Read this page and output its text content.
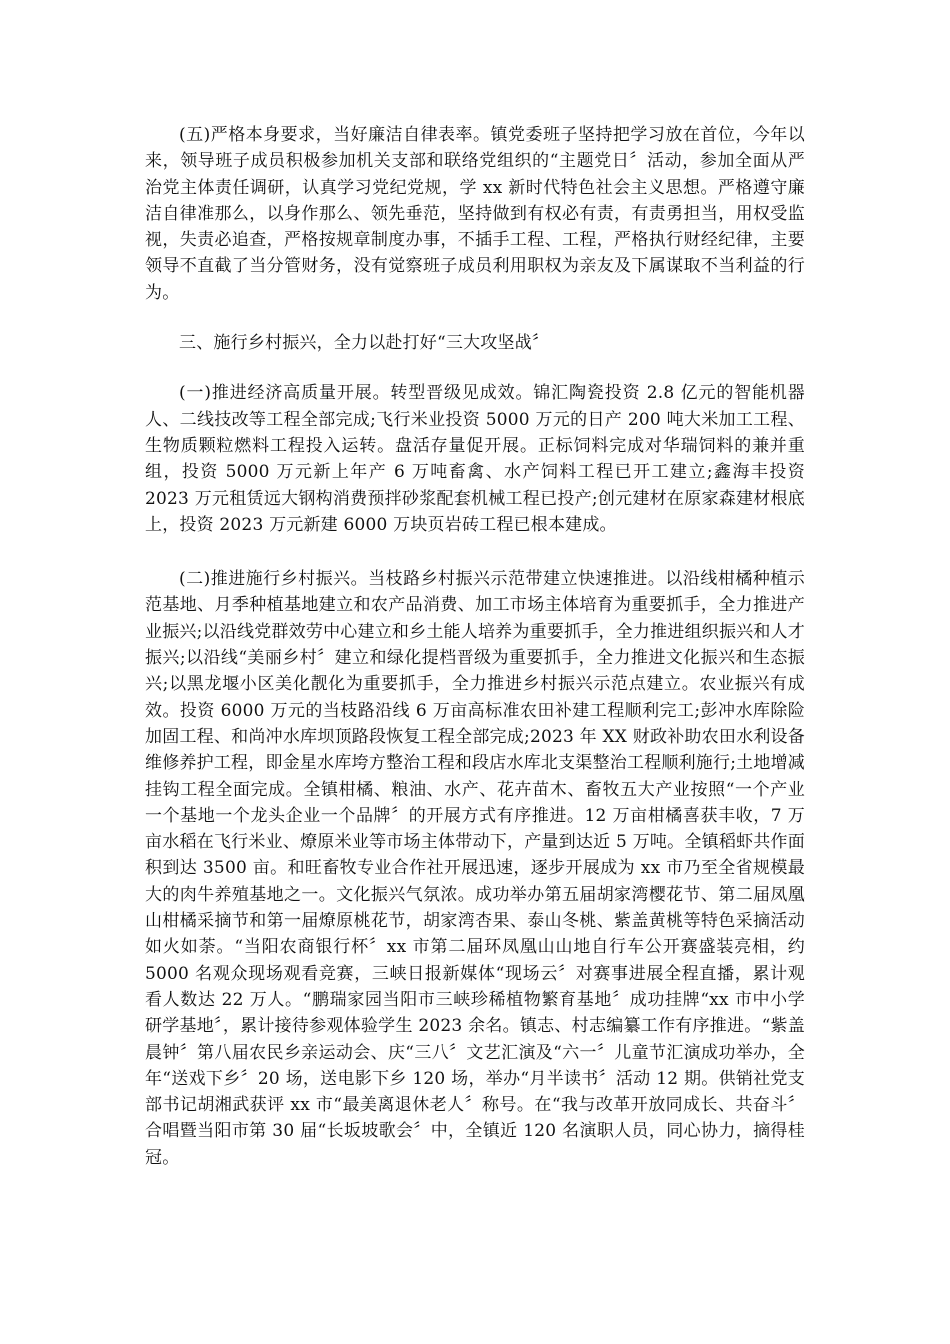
(五)严格本身要求，当好廉洁自律表率。镇党委班子坚持把学习放在首位，今年以来，领导班子成员积极参加机关支部和联络党组织的“主题党日〞活动，参加全面从严治党主体责任调研，认真学习党纪党规，学 xx 新时代特色社会主义思想。严格遵守廉洁自律准那么，以身作那么、领先垂范，坚持做到有权必有责，有责勇担当，用权受监视，失责必追查，严格按规章制度办事，不插手工程、工程，严格执行财经纪律，主要领导不直截了当分管财务，没有觉察班子成员利用职权为亲友及下属谋取不当利益的行为。

三、施行乡村振兴，全力以赴打好“三大攻坚战〞

(一)推进经济高质量开展。转型晋级见成效。锦汇陶瓷投资 2.8 亿元的智能机器人、二线技改等工程全部完成;飞行米业投资 5000 万元的日产 200 吨大米加工工程、生物质颗粒燃料工程投入运转。盘活存量促开展。正标饲料完成对华瑞饲料的兼并重组，投资 5000 万元新上年产 6 万吨畜禽、水产饲料工程已开工建立;鑫海丰投资 2023 万元租赁远大钢构消费预拌砂浆配套机械工程已投产;创元建材在原家森建材根底上，投资 2023 万元新建 6000 万块页岩砖工程已根本建成。

(二)推进施行乡村振兴。当枝路乡村振兴示范带建立快速推进。以沿线柑橘种植示范基地、月季种植基地建立和农产品消费、加工市场主体培育为重要抓手，全力推进产业振兴;以沿线党群效劳中心建立和乡土能人培养为重要抓手，全力推进组织振兴和人才振兴;以沿线“美丽乡村〞建立和绿化提档晋级为重要抓手，全力推进文化振兴和生态振兴;以黑龙堰小区美化靓化为重要抓手，全力推进乡村振兴示范点建立。农业振兴有成效。投资 6000 万元的当枝路沿线 6 万亩高标准农田补建工程顺利完工;彭冲水库除险加固工程、和尚冲水库坝顶路段恢复工程全部完成;2023 年 XX 财政补助农田水利设备维修养护工程，即金星水库垮方整治工程和段店水库北支渠整治工程顺利施行;土地增减挂钩工程全面完成。全镇柑橘、粮油、水产、花卉苗木、畜牧五大产业按照“一个产业一个基地一个龙头企业一个品牌〞的开展方式有序推进。12 万亩柑橘喜获丰收，7 万亩水稻在飞行米业、燎原米业等市场主体带动下，产量到达近 5 万吨。全镇稻虾共作面积到达 3500 亩。和旺畜牧专业合作社开展迅速，逐步开展成为 xx 市乃至全省规模最大的肉牛养殖基地之一。文化振兴气氛浓。成功举办第五届胡家湾樱花节、第二届凤凰山柑橘采摘节和第一届燎原桃花节，胡家湾杏果、泰山冬桃、紫盖黄桃等特色采摘活动如火如荼。“当阳农商银行杯〞xx 市第二届环凤凰山山地自行车公开赛盛装亮相，约 5000 名观众现场观看竞赛，三峡日报新媒体“现场云〞对赛事进展全程直播，累计观看人数达 22 万人。“鹏瑞家园当阳市三峡珍稀植物繁育基地〞成功挂牌“xx 市中小学研学基地〞，累计接待参观体验学生 2023 余名。镇志、村志编纂工作有序推进。“紫盖晨钟〞第八届农民乡亲运动会、庆“三八〞文艺汇演及“六一〞儿童节汇演成功举办，全年“送戏下乡〞20 场，送电影下乡 120 场，举办“月半读书〞活动 12 期。供销社党支部书记胡湘武获评 xx 市“最美离退休老人〞称号。在“我与改革开放同成长、共奋斗〞合唱暨当阳市第 30 届“长坂坡歌会〞中，全镇近 120 名演职人员，同心协力，摘得桂冠。
